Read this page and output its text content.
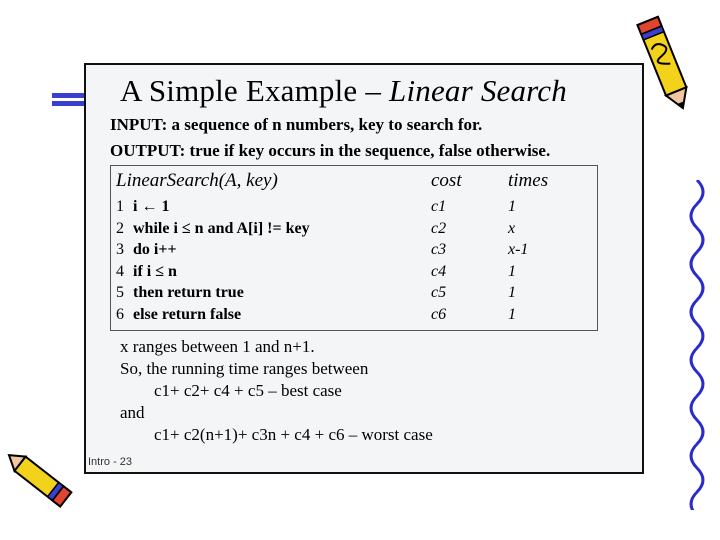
A Simple Example – Linear Search
INPUT: a sequence of n numbers, key to search for.
OUTPUT: true if key occurs in the sequence, false otherwise.
LinearSearch(A, key)	cost times
1 i ← 1	c1	1
2 while i ≤ n and A[i] != key	c2	x
3 do i++	c3	x-1
4 if i ≤ n	c4	1
5 then return true	c5	1
6 else return false	c6	1
x ranges between 1 and n+1.
So, the running time ranges between
c1+ c2+ c4 + c5 – best case
and
c1+ c2(n+1)+ c3n + c4 + c6 – worst case
Intro - 23
